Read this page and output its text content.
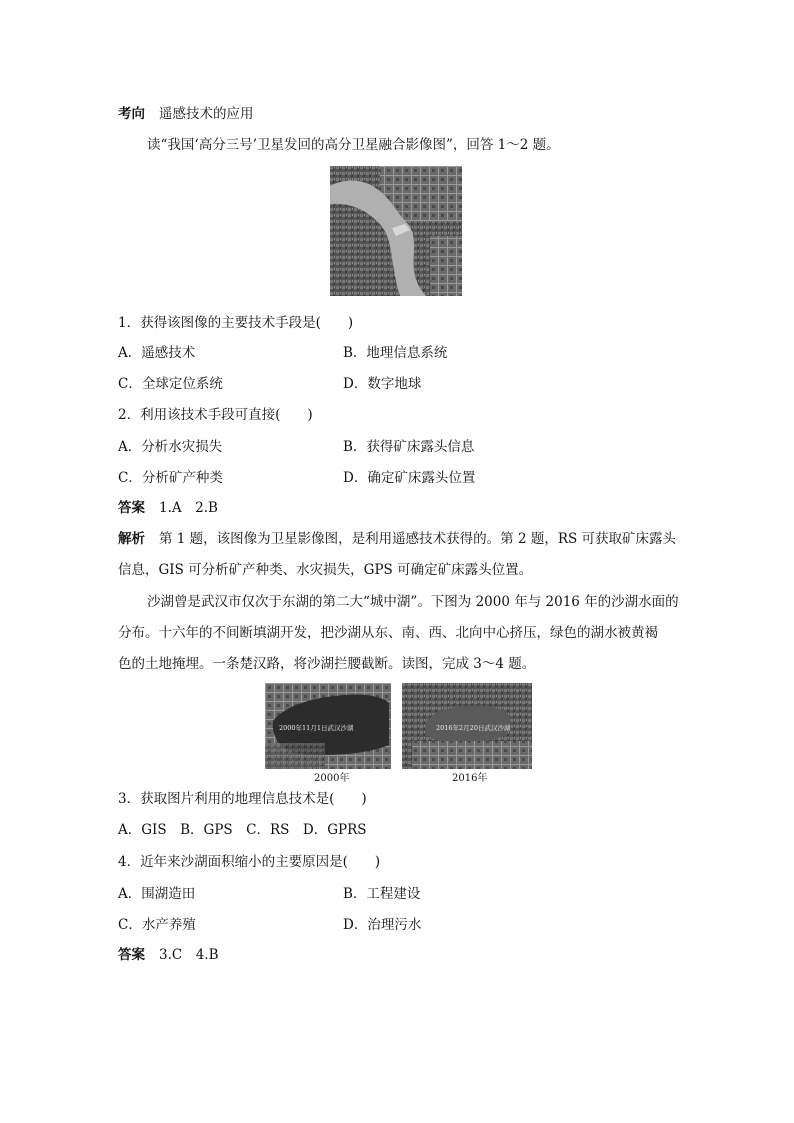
考向 遥感技术的应用
读“我国‘高分三号’卫星发回的高分卫星融合影像图”，回答 1～2 题。
1．获得该图像的主要技术手段是(　　)
A．遥感技术	B．地理信息系统
C．全球定位系统	D．数字地球
2．利用该技术手段可直接(　　)
A．分析水灾损失	B．获得矿床露头信息
C．分析矿产种类	D．确定矿床露头位置
答案 1.A　2.B
解析 第 1 题，该图像为卫星影像图，是利用遥感技术获得的。第 2 题，RS 可获取矿床露头
信息，GIS 可分析矿产种类、水灾损失，GPS 可确定矿床露头位置。
沙湖曾是武汉市仅次于东湖的第二大“城中湖”。下图为 2000 年与 2016 年的沙湖水面的
分布。十六年的不间断填湖开发，把沙湖从东、南、西、北向中心挤压，绿色的湖水被黄褐
色的土地掩埋。一条楚汉路，将沙湖拦腰截断。读图，完成 3～4 题。
2000年11月1日武汉沙湖
2000年
2016年2月20日武汉沙湖
2016年
3．获取图片利用的地理信息技术是(　　)
A．GIS　B．GPS　C．RS　D．GPRS
4．近年来沙湖面积缩小的主要原因是(　　)
A．围湖造田	B．工程建设
C．水产养殖	D．治理污水
答案 3.C　4.B
